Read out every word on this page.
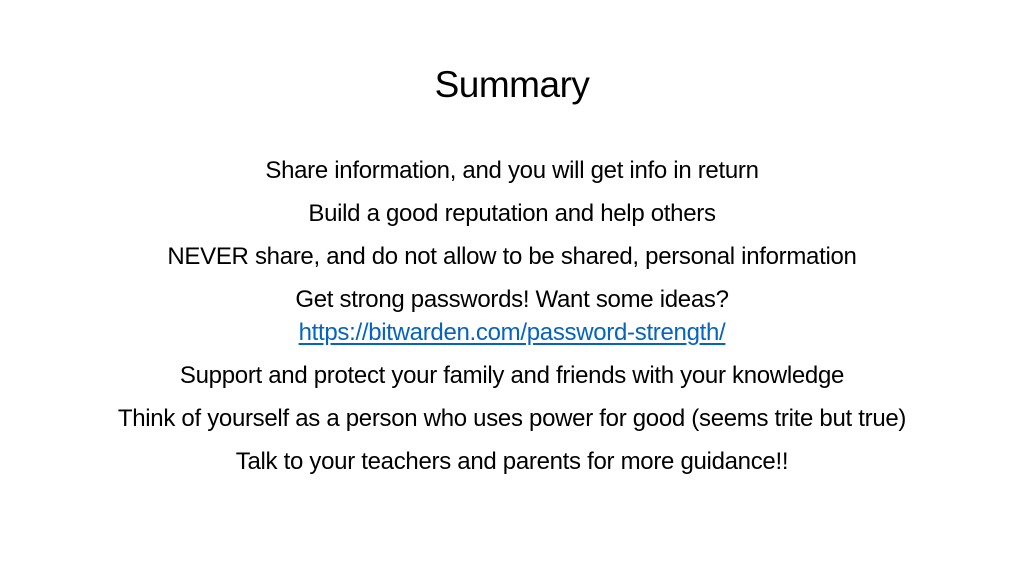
Summary
Share information, and you will get info in return
Build a good reputation and help others
NEVER share, and do not allow to be shared, personal information
Get strong passwords! Want some ideas?
https://bitwarden.com/password-strength/
Support and protect your family and friends with your knowledge
Think of yourself as a person who uses power for good (seems trite but true)
Talk to your teachers and parents for more guidance!!
